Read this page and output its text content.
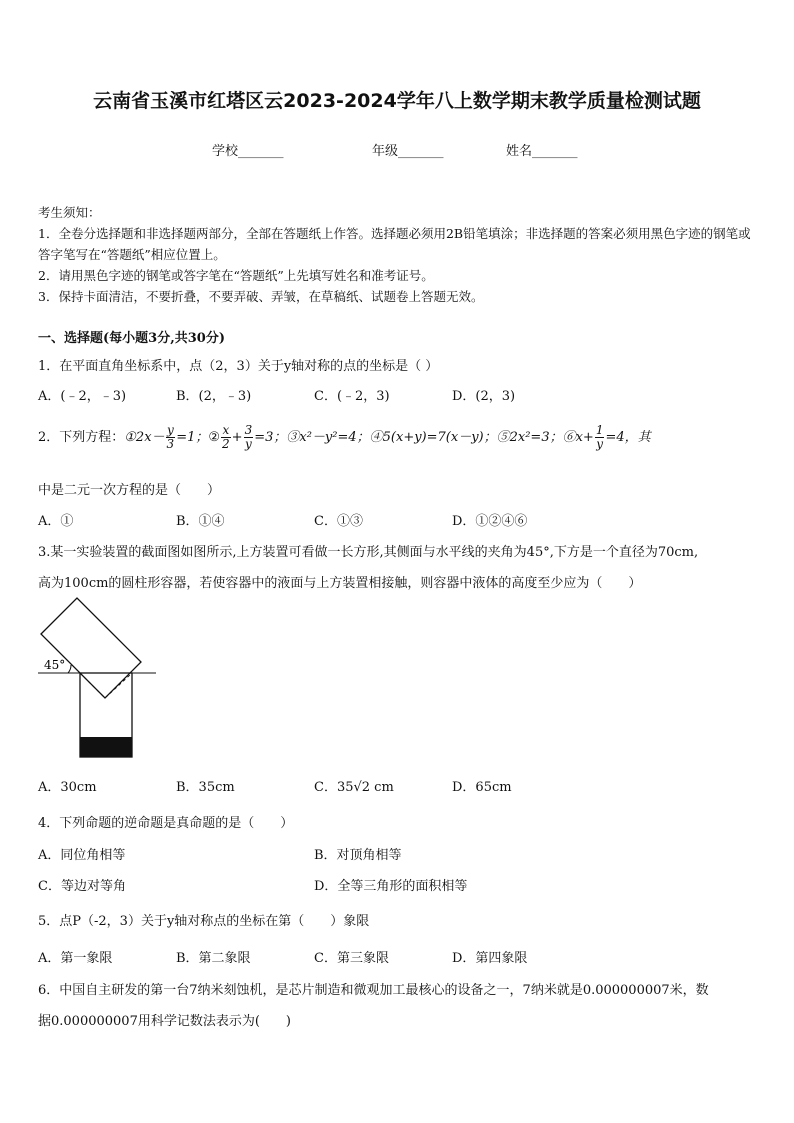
云南省玉溪市红塔区云2023-2024学年八上数学期末教学质量检测试题
学校_______	年级_______	姓名_______
考生须知：
1．全卷分选择题和非选择题两部分，全部在答题纸上作答。选择题必须用2B铅笔填涂；非选择题的答案必须用黑色字迹的钢笔或答字笔写在“答题纸”相应位置上。
2．请用黑色字迹的钢笔或答字笔在“答题纸”上先填写姓名和准考证号。
3．保持卡面清洁，不要折叠，不要弄破、弄皱，在草稿纸、试题卷上答题无效。
一、选择题(每小题3分,共30分)
1．在平面直角坐标系中，点（2，3）关于y轴对称的点的坐标是（ ）
A．(﹣2，﹣3)	B．(2，﹣3)	C．(﹣2，3)	D．(2，3)
2．下列方程：①2x－ $\frac{y}{3} =1$；② $\frac{x}{2} + \frac{3}{y} =3$；③x²－y²=4；④5(x+y)=7(x－y)；⑤2x²=3；⑥x+ $\frac{1}{y} =4$，其
中是二元一次方程的是（　　）
A．①	B．①④	C．①③	D．①②④⑥
3.某一实验装置的截面图如图所示,上方装置可看做一长方形,其侧面与水平线的夹角为45°,下方是一个直径为70cm,
高为100cm的圆柱形容器，若使容器中的液面与上方装置相接触，则容器中液体的高度至少应为（　　）
45°
A．30cm	B．35cm	C．35√2 cm	D．65cm
4．下列命题的逆命题是真命题的是（　　）
A．同位角相等	B．对顶角相等
C．等边对等角	D．全等三角形的面积相等
5．点P（-2，3）关于y轴对称点的坐标在第（　　）象限
A．第一象限	B．第二象限	C．第三象限	D．第四象限
6．中国自主研发的第一台7纳米刻蚀机，是芯片制造和微观加工最核心的设备之一，7纳米就是0.000000007米，数
据0.000000007用科学记数法表示为(　　)
